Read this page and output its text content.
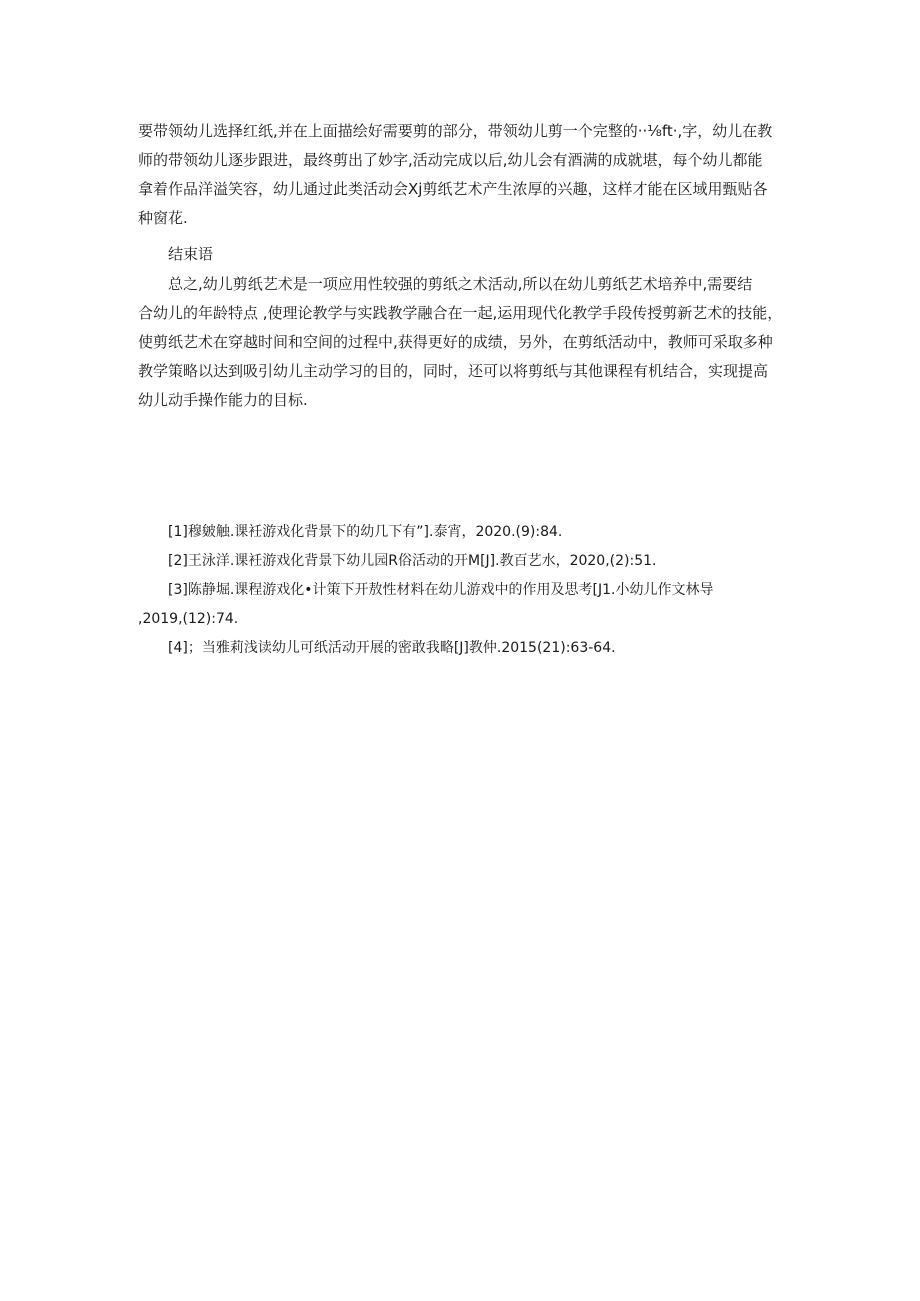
要带领幼儿选择红纸,并在上面描绘好需要剪的部分，带领幼儿剪一个完整的··⅛ft·,字，幼儿在教
师的带领幼儿逐步跟进，最终剪出了妙字,活动完成以后,幼儿会有酒满的成就堪，每个幼儿都能
拿着作品洋溢笑容，幼儿通过此类活动会Xj剪纸艺术产生浓厚的兴趣，这样才能在区域用甄贴各
种窗花.
结束语
总之,幼儿剪纸艺术是一项应用性较强的剪纸之术活动,所以在幼儿剪纸艺术培养中,需要结
合幼儿的年龄特点 ,使理论教学与实践教学融合在一起,运用现代化教学手段传授剪新艺术的技能，
使剪纸艺术在穿越时间和空间的过程中,获得更好的成绩，另外，在剪纸活动中，教师可采取多种
教学策略以达到吸引幼儿主动学习的目的，同时，还可以将剪纸与其他课程有机结合，实现提高
幼儿动手操作能力的目标.
[1]穆皴触.课衽游戏化背景下的幼几下有”].泰宵，2020.(9):84.
[2]王泳洋.课衽游戏化背景下幼儿园R俗活动的开M[J].教百艺水，2020,(2):51.
[3]陈静堀.课程游戏化•计策下开敖性材料在幼儿游戏中的作用及思考[J1.小幼儿作文林导
,2019,(12):74.
[4]；当雅莉浅读幼儿可纸活动开展的密敢我略[J]教仲.2015(21):63-64.
